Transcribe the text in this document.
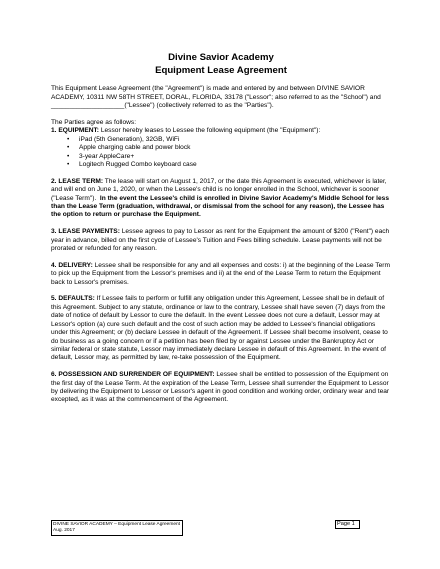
Divine Savior Academy

Equipment Lease Agreement

This Equipment Lease Agreement (the "Agreement") is made and entered by and between DIVINE SAVIOR ACADEMY, 10311 NW 58TH STREET, DORAL, FLORIDA, 33178 ("Lessor"; also referred to as the "School") and ____________________("Lessee") (collectively referred to as the "Parties").

The Parties agree as follows:

1. EQUIPMENT: Lessor hereby leases to Lessee the following equipment (the "Equipment"):

• iPad (5th Generation), 32GB, WiFi
• Apple charging cable and power block
• 3-year AppleCare+
• Logitech Rugged Combo keyboard case

2. LEASE TERM: The lease will start on August 1, 2017, or the date this Agreement is executed, whichever is later, and will end on June 1, 2020, or when the Lessee's child is no longer enrolled in the School, whichever is sooner ("Lease Term"). In the event the Lessee's child is enrolled in Divine Savior Academy's Middle School for less than the Lease Term (graduation, withdrawal, or dismissal from the school for any reason), the Lessee has the option to return or purchase the Equipment.

3. LEASE PAYMENTS: Lessee agrees to pay to Lessor as rent for the Equipment the amount of $200 ("Rent") each year in advance, billed on the first cycle of Lessee's Tuition and Fees billing schedule. Lease payments will not be prorated or refunded for any reason.

4. DELIVERY: Lessee shall be responsible for any and all expenses and costs: i) at the beginning of the Lease Term to pick up the Equipment from the Lessor's premises and ii) at the end of the Lease Term to return the Equipment back to Lessor's premises.

5. DEFAULTS: If Lessee fails to perform or fulfill any obligation under this Agreement, Lessee shall be in default of this Agreement. Subject to any statute, ordinance or law to the contrary, Lessee shall have seven (7) days from the date of notice of default by Lessor to cure the default. In the event Lessee does not cure a default, Lessor may at Lessor's option (a) cure such default and the cost of such action may be added to Lessee's financial obligations under this Agreement; or (b) declare Lessee in default of the Agreement. If Lessee shall become insolvent, cease to do business as a going concern or if a petition has been filed by or against Lessee under the Bankruptcy Act or similar federal or state statute, Lessor may immediately declare Lessee in default of this Agreement. In the event of default, Lessor may, as permitted by law, re-take possession of the Equipment.

6. POSSESSION AND SURRENDER OF EQUIPMENT: Lessee shall be entitled to possession of the Equipment on the first day of the Lease Term. At the expiration of the Lease Term, Lessee shall surrender the Equipment to Lessor by delivering the Equipment to Lessor or Lessor's agent in good condition and working order, ordinary wear and tear excepted, as it was at the commencement of the Agreement.

DIVINE SAVIOR ACADEMY – Equipment Lease Agreement
Aug. 2017
Page 1
